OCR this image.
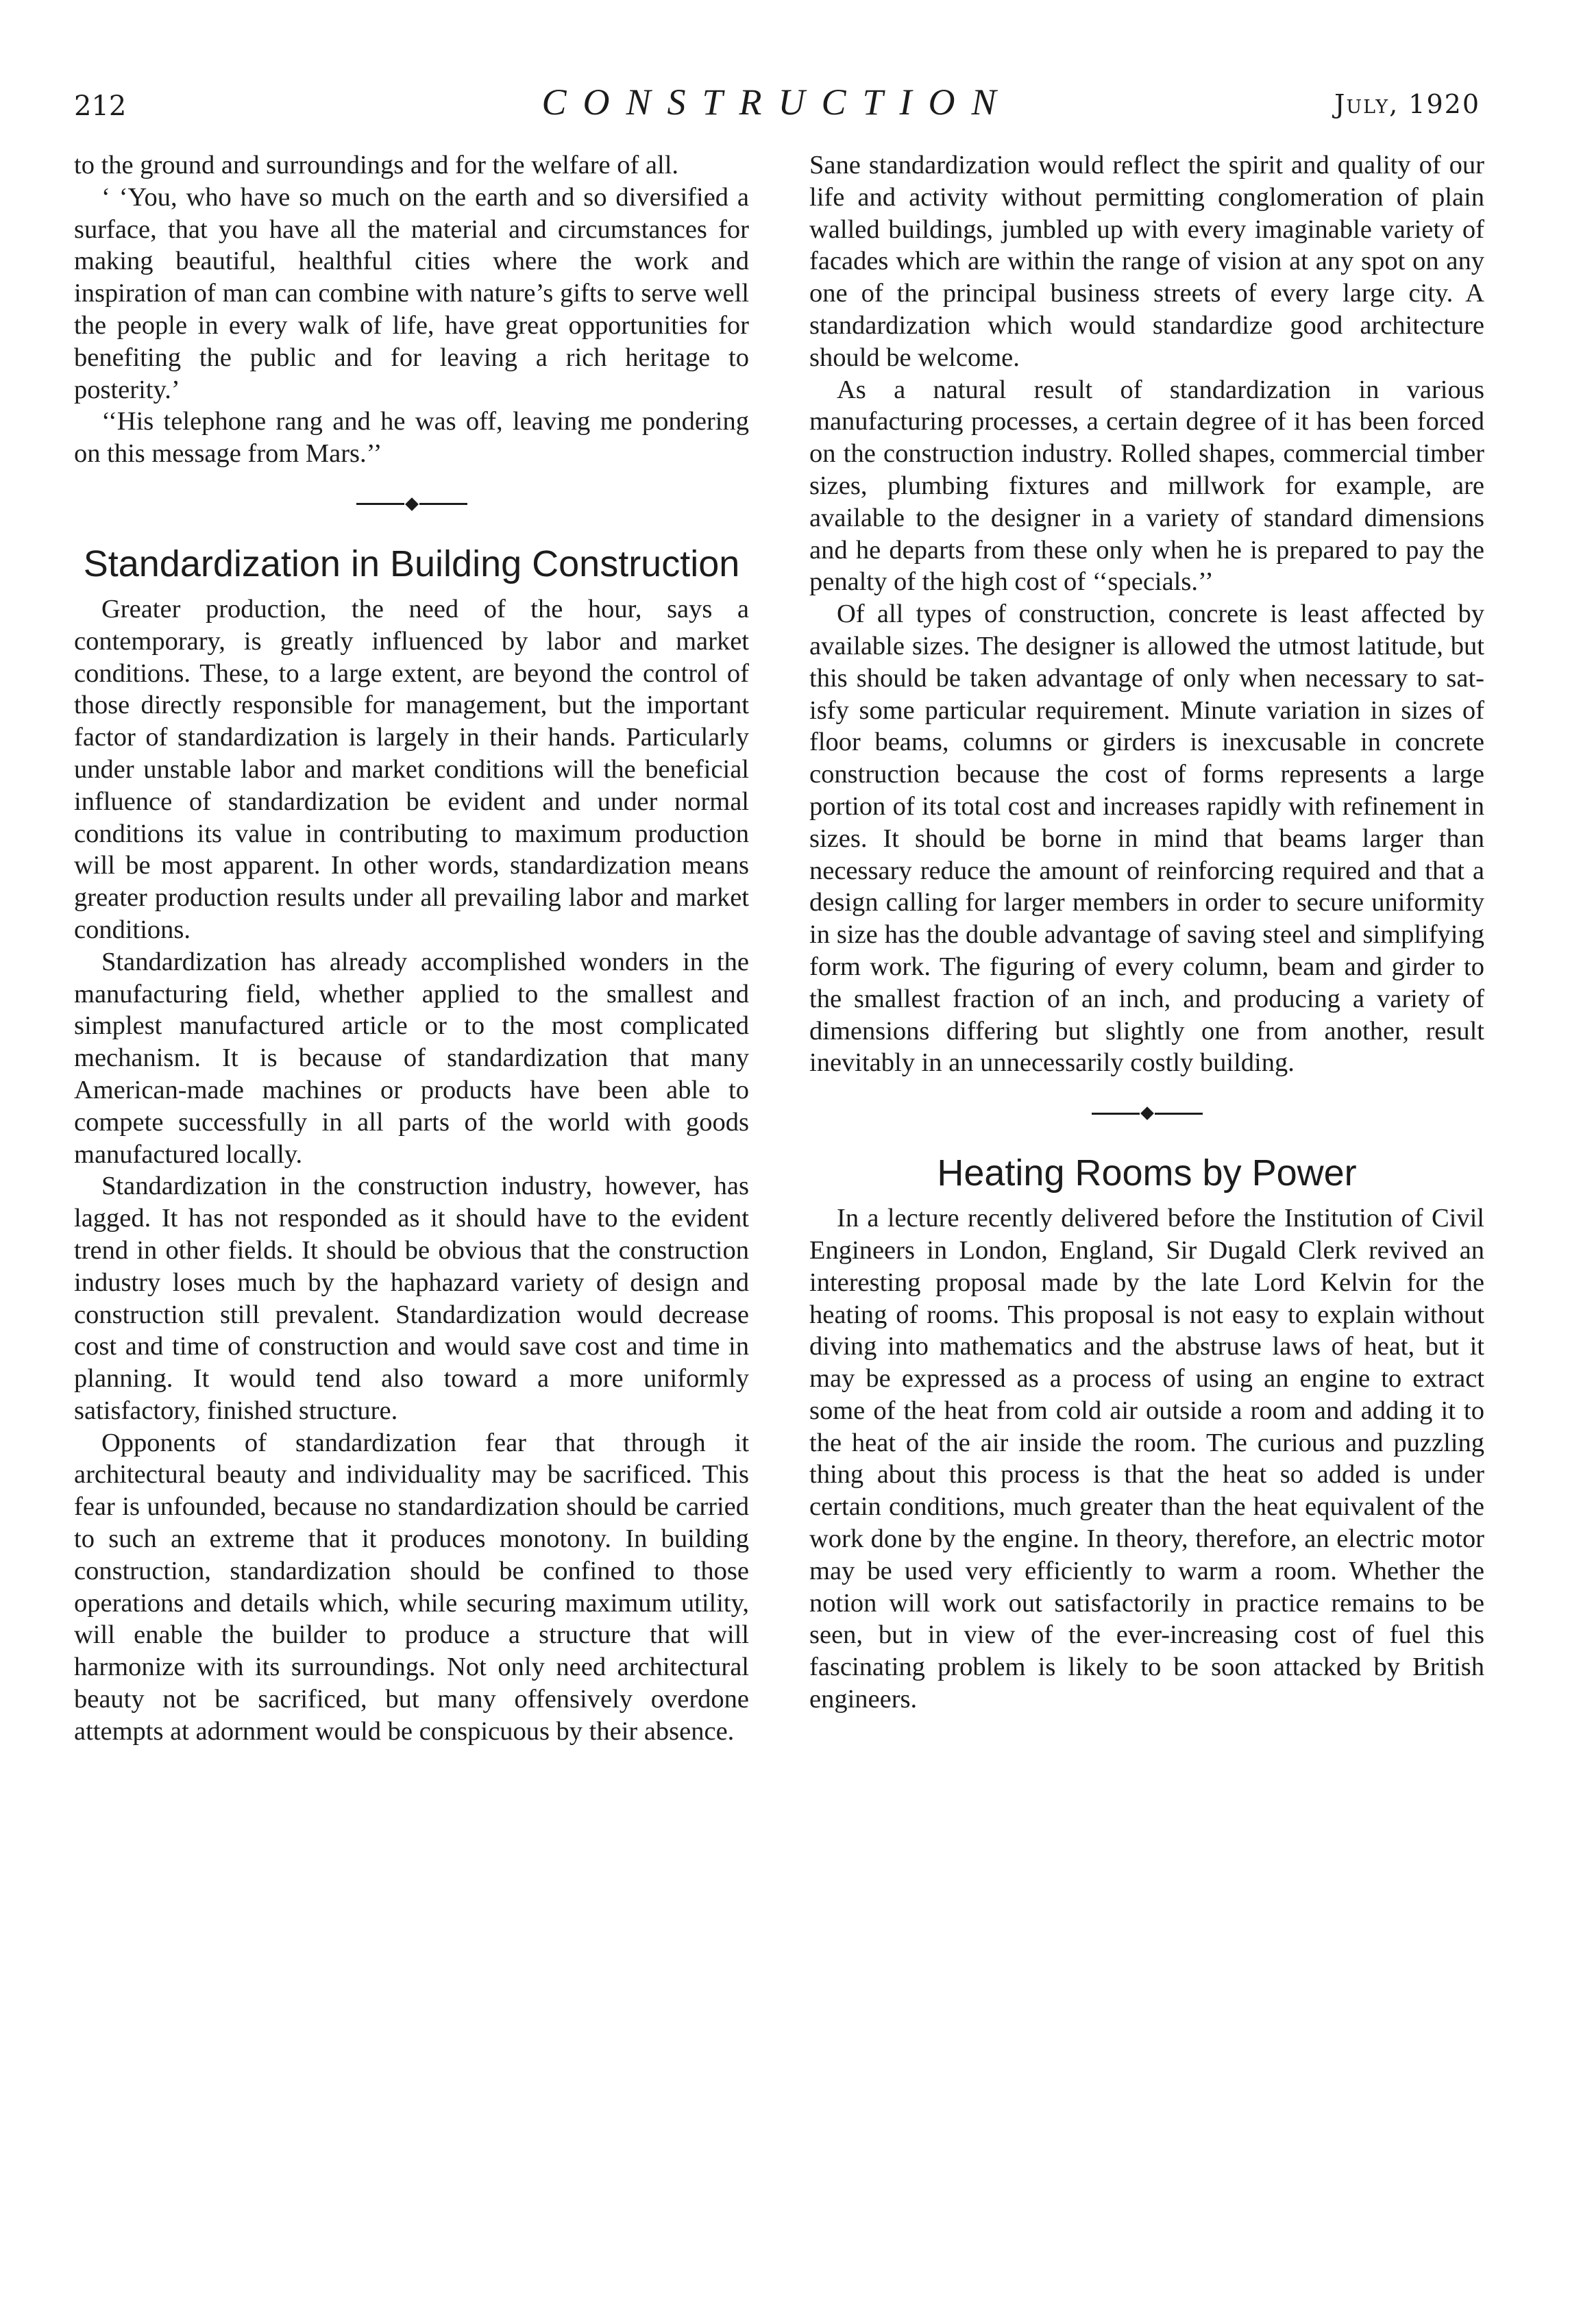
212	CONSTRUCTION	July, 1920

to the ground and surroundings and for the welfare of all.

‘ ‘You, who have so much on the earth and so diversified a surface, that you have all the material and circumstances for making beautiful, healthful cities where the work and inspiration of man can combine with nature’s gifts to serve well the people in every walk of life, have great opportunities for benefiting the public and for leaving a rich heritage to posterity.’

‘‘His telephone rang and he was off, leaving me pondering on this message from Mars.’’

Standardization in Building Construction

Greater production, the need of the hour, says a contemporary, is greatly influenced by labor and market conditions. These, to a large extent, are beyond the control of those directly responsible for management, but the important factor of standardization is largely in their hands. Particularly under unstable labor and market conditions will the beneficial influence of standardization be evident and under normal conditions its value in contributing to maximum production will be most apparent. In other words, standardization means greater production results under all prevailing labor and market conditions.

Standardization has already accomplished wonders in the manufacturing field, whether applied to the smallest and simplest manufactured article or to the most complicated mechanism. It is because of standardization that many American-made machines or products have been able to compete successfully in all parts of the world with goods manufactured locally.

Standardization in the construction industry, however, has lagged. It has not responded as it should have to the evident trend in other fields. It should be obvious that the construction industry loses much by the haphazard variety of design and construction still prevalent. Standardization would decrease cost and time of construction and would save cost and time in planning. It would tend also toward a more uniformly satisfactory, finished structure.

Opponents of standardization fear that through it architectural beauty and individuality may be sacrificed. This fear is unfounded, because no standardization should be carried to such an extreme that it produces monotony. In building construction, standardization should be confined to those operations and details which, while securing maximum utility, will enable the builder to produce a structure that will harmonize with its surroundings. Not only need architectural beauty not be sacrificed, but many offensively overdone attempts at adornment would be conspicuous by their absence.

Sane standardization would reflect the spirit and quality of our life and activity without permitting conglomeration of plain walled buildings, jumbled up with every imaginable variety of facades which are within the range of vision at any spot on any one of the principal business streets of every large city. A standardization which would standardize good architecture should be welcome.

As a natural result of standardization in various manufacturing processes, a certain degree of it has been forced on the construction industry. Rolled shapes, commercial timber sizes, plumbing fixtures and millwork for example, are available to the designer in a variety of standard dimensions and he departs from these only when he is prepared to pay the penalty of the high cost of ‘‘specials.’’

Of all types of construction, concrete is least affected by available sizes. The designer is allowed the utmost latitude, but this should be taken advantage of only when necessary to satisfy some particular requirement. Minute variation in sizes of floor beams, columns or girders is inexcusable in concrete construction because the cost of forms represents a large portion of its total cost and increases rapidly with refinement in sizes. It should be borne in mind that beams larger than necessary reduce the amount of reinforcing required and that a design calling for larger members in order to secure uniformity in size has the double advantage of saving steel and simplifying form work. The figuring of every column, beam and girder to the smallest fraction of an inch, and producing a variety of dimensions differing but slightly one from another, result inevitably in an unnecessarily costly building.

Heating Rooms by Power

In a lecture recently delivered before the Institution of Civil Engineers in London, England, Sir Dugald Clerk revived an interesting proposal made by the late Lord Kelvin for the heating of rooms. This proposal is not easy to explain without diving into mathematics and the abstruse laws of heat, but it may be expressed as a process of using an engine to extract some of the heat from cold air outside a room and adding it to the heat of the air inside the room. The curious and puzzling thing about this process is that the heat so added is under certain conditions, much greater than the heat equivalent of the work done by the engine. In theory, therefore, an electric motor may be used very efficiently to warm a room. Whether the notion will work out satisfactorily in practice remains to be seen, but in view of the ever-increasing cost of fuel this fascinating problem is likely to be soon attacked by British engineers.
